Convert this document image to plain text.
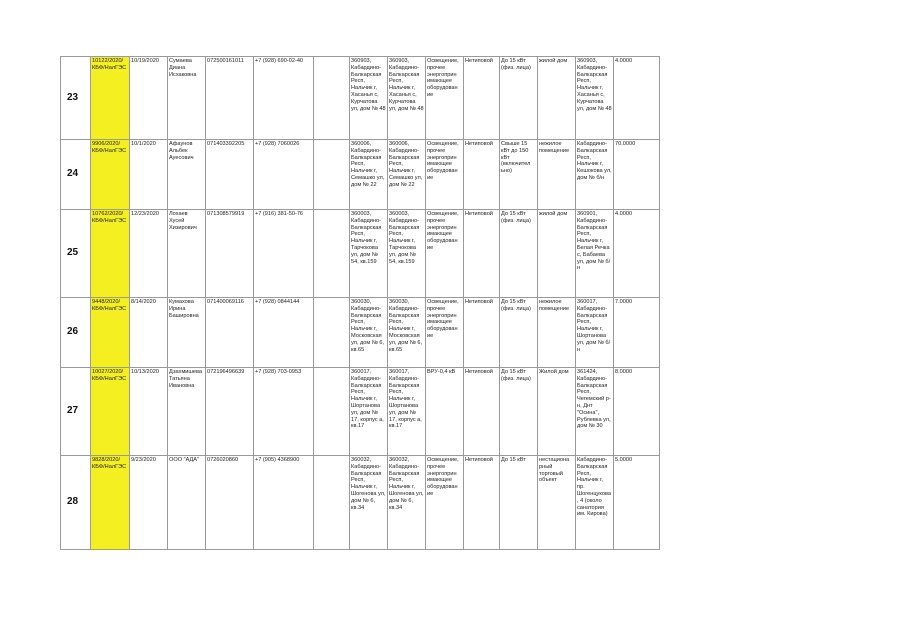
23	10122/2020/КБФ/НалГЭС	10/19/2020	Сумаева Диана Исхаковна	072500161011	+7 (928) 690-02-40		360903, Кабардино-Балкарская Респ, Нальчик г, Хасанья с, Курчатова ул, дом № 48	360903, Кабардино-Балкарская Респ, Нальчик г, Хасанья с, Курчатова ул, дом № 48	Освещение, прочее энергоприн имающее оборудован ие	Нетиповой	До 15 кВт (физ. лица)	жилой дом	360903, Кабардино-Балкарская Респ, Нальчик г, Хасанья с, Курчатова ул, дом № 48	4.0000
24	9906/2020/КБФ/НалГЭС	10/1/2020	Афаунов Альбек Ауесович	071403392205	+7 (928) 7060026		360006, Кабардино-Балкарская Респ, Нальчик г, Семашко ул, дом № 22	360006, Кабардино-Балкарская Респ, Нальчик г, Семашко ул, дом № 22	Освещение, прочее энергоприн имающее оборудован ие	Нетиповой	Свыше 15 кВт до 150 кВт (включител ьно)	нежилое помещение	Кабардино-Балкарская Респ, Нальчик г, Кешокова ул, дом № б/н	70.0000
25	10762/2020/КБФ/НалГЭС	12/23/2020	Лохаев Хусей Хизирович	071308579919	+7 (916) 381-50-76		360003, Кабардино-Балкарская Респ, Нальчик г, Тарчокова ул, дом № 54, кв.159	360003, Кабардино-Балкарская Респ, Нальчик г, Тарчокова ул, дом № 54, кв.159	Освещение, прочее энергоприн имающее оборудован ие	Нетиповой	До 15 кВт (физ. лица)	жилой дом	360901, Кабардино-Балкарская Респ, Нальчик г, Белая Речка с, Бабаева ул, дом № б/н	4.0000
26	9448/2020/КБФ/НалГЭС	8/14/2020	Кумахова Ирина Башировна	071400069116	+7 (928) 0844144		360030, Кабардино-Балкарская Респ, Нальчик г, Московская ул, дом № 6, кв.65	360030, Кабардино-Балкарская Респ, Нальчик г, Московская ул, дом № 6, кв.65	Освещение, прочее энергоприн имающее оборудован ие	Нетиповой	До 15 кВт (физ. лица)	нежилое помещение	360017, Кабардино-Балкарская Респ, Нальчик г, Шортанова ул, дом № б/н	7.0000
27	10027/2020/КБФ/НалГЭС	10/13/2020	Дзахмишева Татьяна Ивановна	072196496639	+7 (928) 703-0953		360017, Кабардино-Балкарская Респ, Нальчик г, Шортанова ул, дом № 17, корпус а, кв.17	360017, Кабардино-Балкарская Респ, Нальчик г, Шортанова ул, дом № 17, корпус а, кв.17	ВРУ-0,4 кВ	Нетиповой	До 15 кВт (физ. лица)	Жилой дом	361424, Кабардино-Балкарская Респ, Чегемский р-н, Днт "Осина", Рублевка ул, дом № 30	8.0000
28	9828/2020/КБФ/НалГЭС	9/23/2020	ООО "АДА"	0726020860	+7 (905) 4368900		360032, Кабардино-Балкарская Респ, Нальчик г, Шогенова ул, дом № 6, кв.34	360032, Кабардино-Балкарская Респ, Нальчик г, Шогенова ул, дом № 6, кв.34	Освещение, прочее энергоприн имающее оборудован ие	Нетиповой	До 15 кВт	нестациона рный торговый объект	Кабардино-Балкарская Респ, Нальчик г, пр. Шогенцукова, 4 (около санатория им. Кирова)	5.0000
